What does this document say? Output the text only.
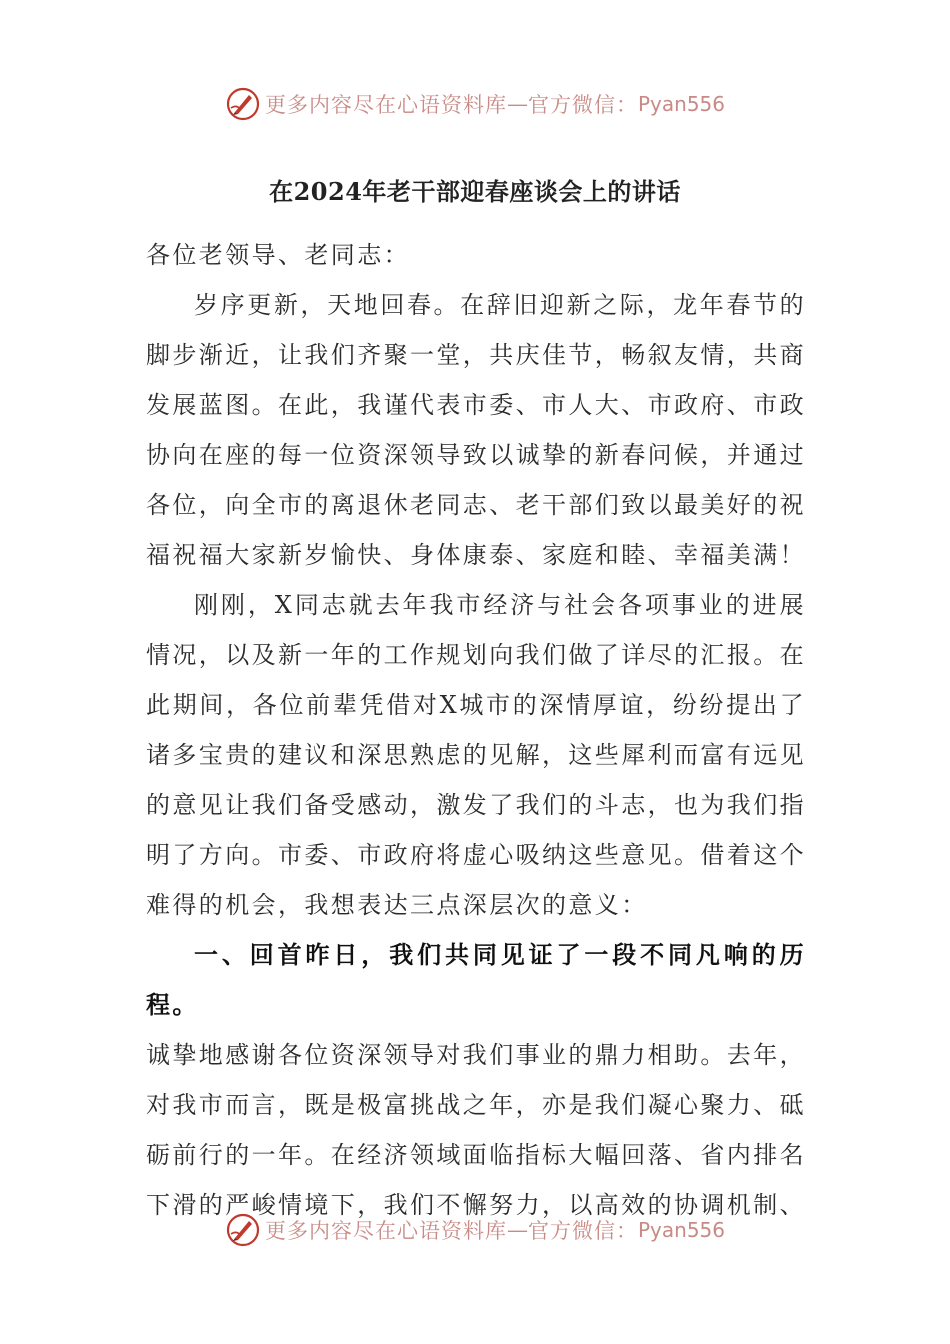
更多内容尽在心语资料库 — 官方微信： Pyan556
在2024年老干部迎春座谈会上的讲话

各位老领导、老同志：

岁序更新，天地回春。在辞旧迎新之际，龙年春节的脚步渐近，让我们齐聚一堂，共庆佳节，畅叙友情，共商发展蓝图。在此，我谨代表市委、市人大、市政府、市政协向在座的每一位资深领导致以诚挚的新春问候，并通过各位，向全市的离退休老同志、老干部们致以最美好的祝福祝福大家新岁愉快、身体康泰、家庭和睦、幸福美满！

刚刚，X同志就去年我市经济与社会各项事业的进展情况，以及新一年的工作规划向我们做了详尽的汇报。在此期间，各位前辈凭借对X城市的深情厚谊，纷纷提出了诸多宝贵的建议和深思熟虑的见解，这些犀利而富有远见的意见让我们备受感动，激发了我们的斗志，也为我们指明了方向。市委、市政府将虚心吸纳这些意见。借着这个难得的机会，我想表达三点深层次的意义：

一、回首昨日，我们共同见证了一段不同凡响的历程。

诚挚地感谢各位资深领导对我们事业的鼎力相助。去年，对我市而言，既是极富挑战之年，亦是我们凝心聚力、砥砺前行的一年。在经济领域面临指标大幅回落、省内排名下滑的严峻情境下，我们不懈努力，以高效的协调机制、

更多内容尽在心语资料库 — 官方微信： Pyan556
